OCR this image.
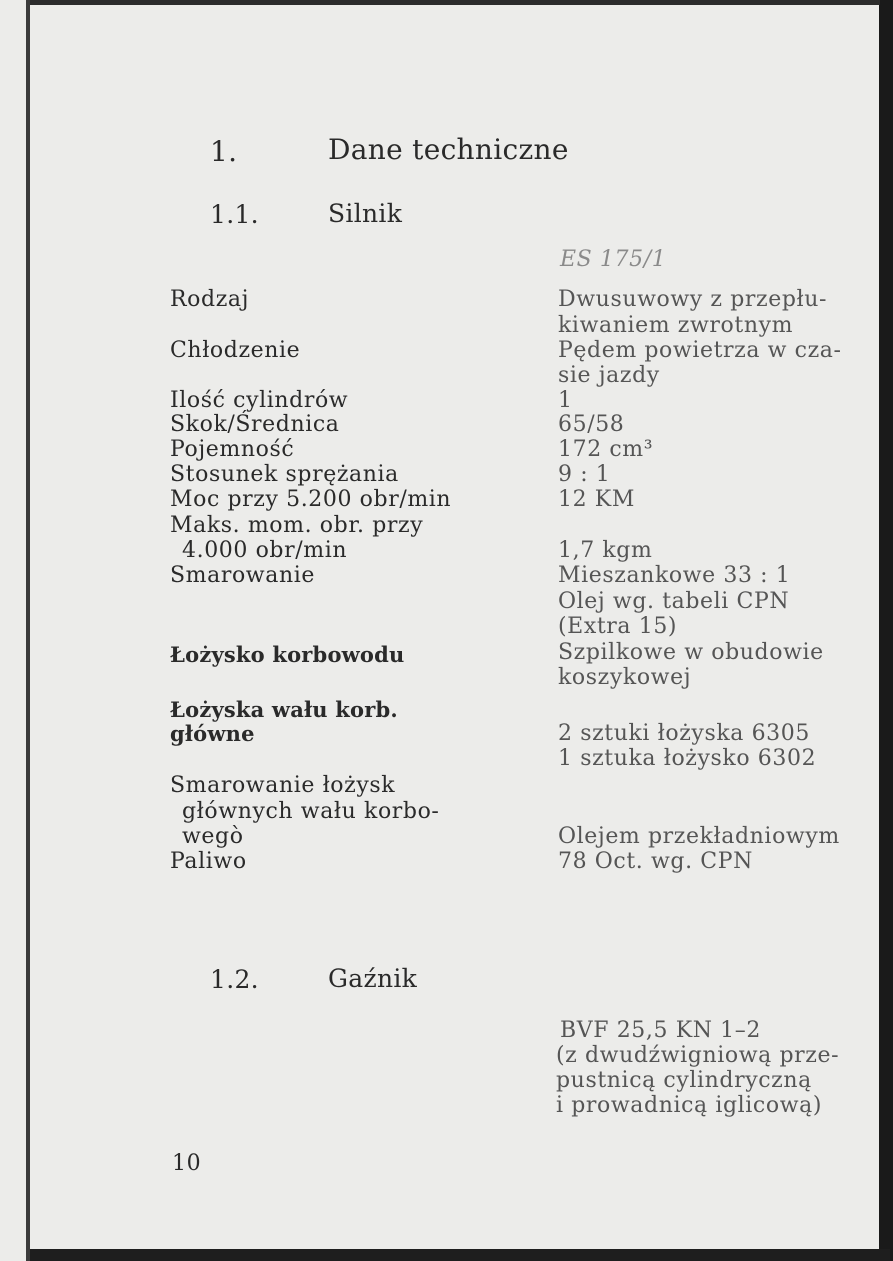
1.	Dane techniczne
1.1.	Silnik
ES 175/1
Rodzaj	Dwusuwowy z przepłu-
kiwaniem zwrotnym
Chłodzenie	Pędem powietrza w cza-
sie jazdy
Ilość cylindrów	1
Skok/Średnica	65/58
Pojemność	172 cm³
Stosunek sprężania	9 : 1
Moc przy 5.200 obr/min	12 KM
Maks. mom. obr. przy
4.000 obr/min	1,7 kgm
Smarowanie	Mieszankowe 33 : 1
Olej wg. tabeli CPN
(Extra 15)
Łożysko korbowodu	Szpilkowe w obudowie
koszykowej
Łożyska wału korb.
główne	2 sztuki łożyska 6305
1 sztuka łożysko 6302
Smarowanie łożysk
głównych wału korbo-
wegò	Olejem przekładniowym
Paliwo	78 Oct. wg. CPN
1.2.	Gaźnik
BVF 25,5 KN 1–2
(z dwudźwigniową prze-
pustnicą cylindryczną
i prowadnicą iglicową)
10
